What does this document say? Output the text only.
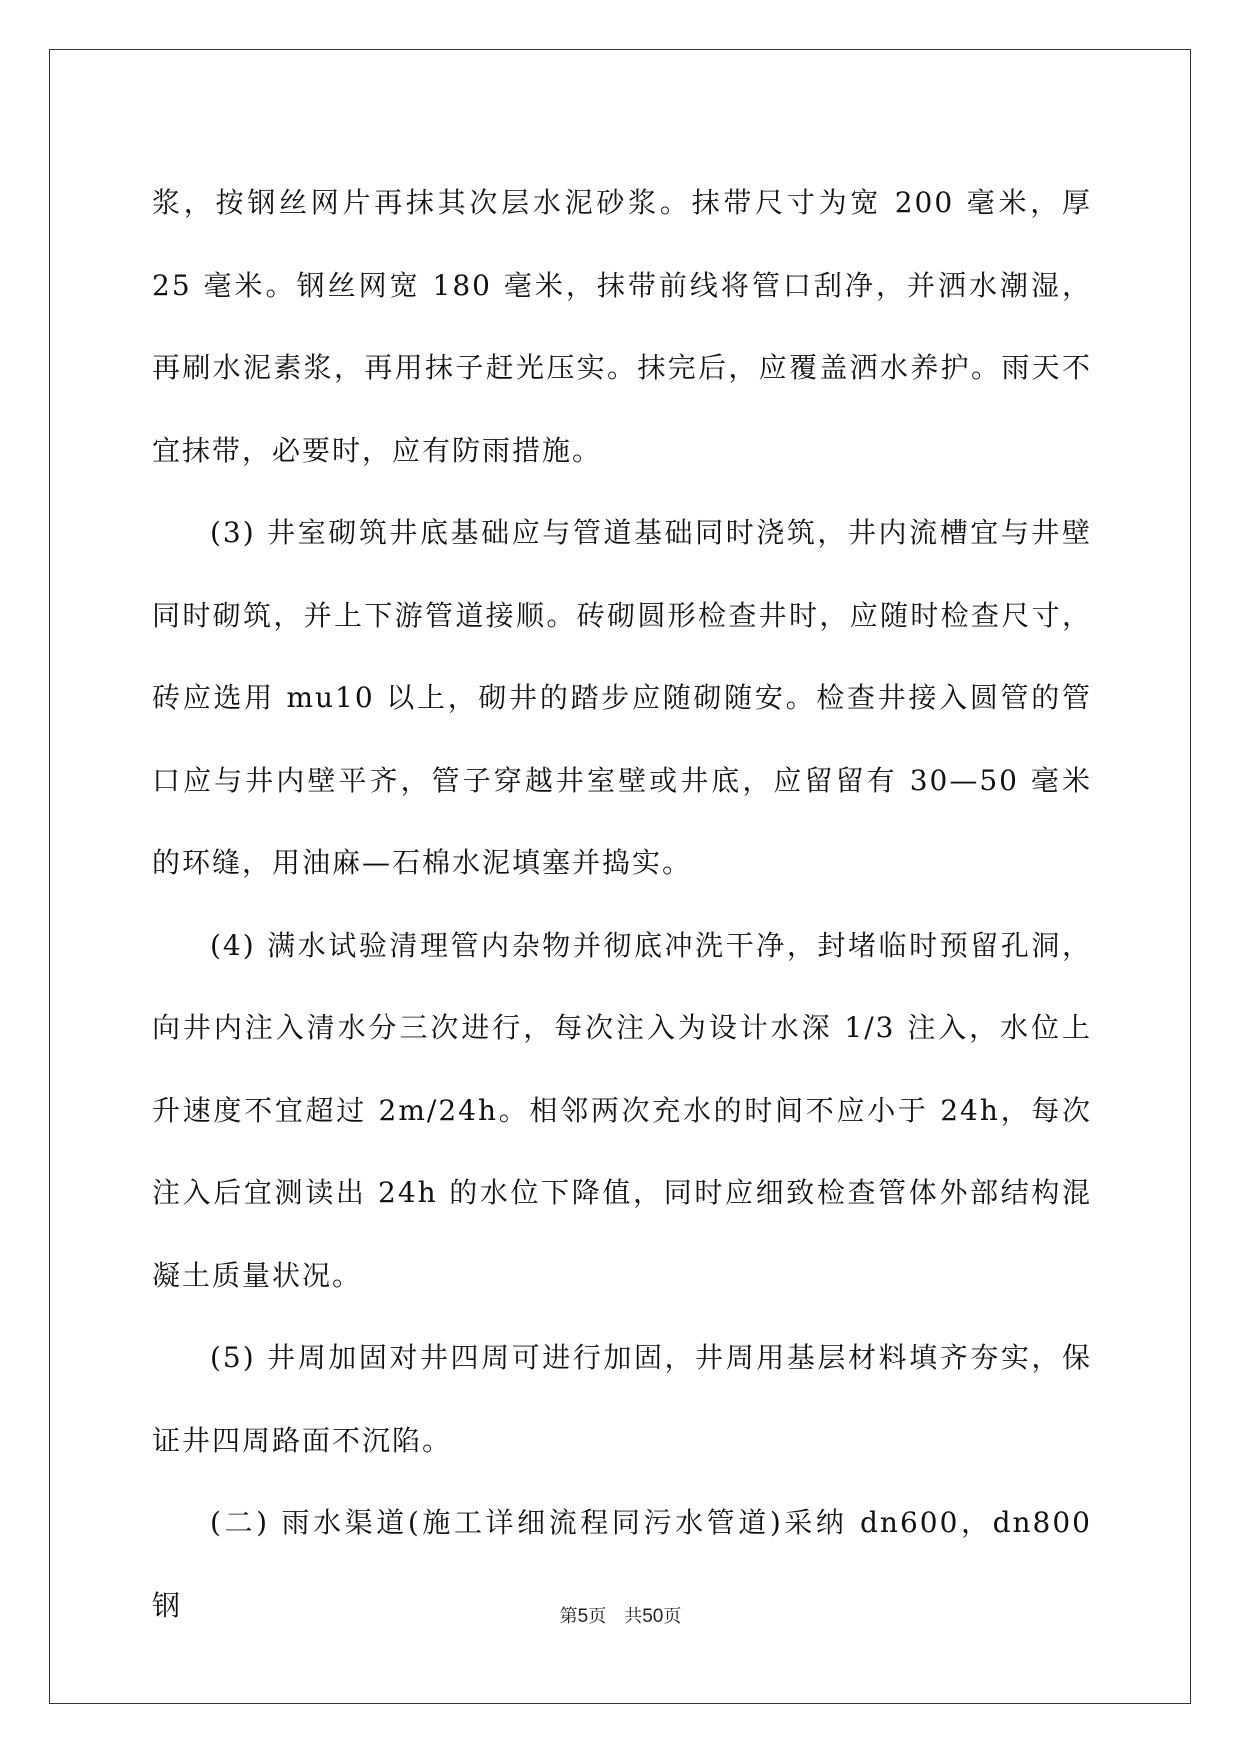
浆，按钢丝网片再抹其次层水泥砂浆。抹带尺寸为宽 200 毫米，厚 25 毫米。钢丝网宽 180 毫米，抹带前线将管口刮净，并洒水潮湿，再刷水泥素浆，再用抹子赶光压实。抹完后，应覆盖洒水养护。雨天不宜抹带，必要时，应有防雨措施。

(3) 井室砌筑井底基础应与管道基础同时浇筑，井内流槽宜与井壁同时砌筑，并上下游管道接顺。砖砌圆形检查井时，应随时检查尺寸，砖应选用 mu10 以上，砌井的踏步应随砌随安。检查井接入圆管的管口应与井内壁平齐，管子穿越井室壁或井底，应留留有 30—50 毫米的环缝，用油麻—石棉水泥填塞并捣实。

(4) 满水试验清理管内杂物并彻底冲洗干净，封堵临时预留孔洞，向井内注入清水分三次进行，每次注入为设计水深 1/3 注入，水位上升速度不宜超过 2m/24h。相邻两次充水的时间不应小于 24h，每次注入后宜测读出 24h 的水位下降值，同时应细致检查管体外部结构混凝土质量状况。

(5) 井周加固对井四周可进行加固，井周用基层材料填齐夯实，保证井四周路面不沉陷。

(二) 雨水渠道(施工详细流程同污水管道)采纳 dn600，dn800 钢	第5页 共50页
